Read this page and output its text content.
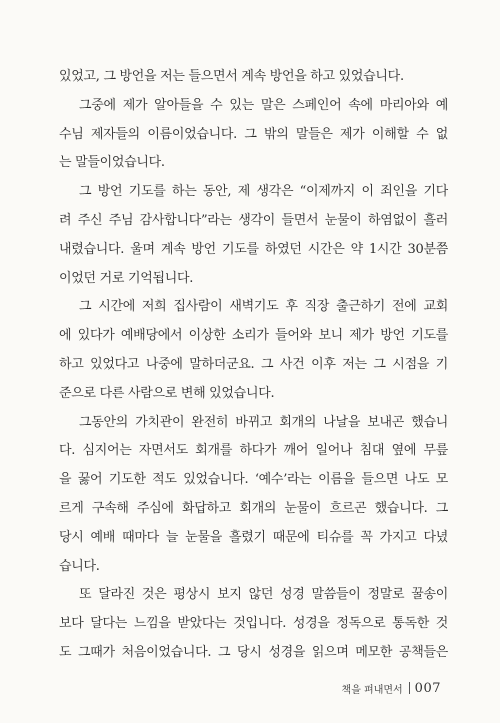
있었고, 그 방언을 저는 들으면서 계속 방언을 하고 있었습니다.
그중에 제가 알아들을 수 있는 말은 스페인어 속에 마리아와 예
수님 제자들의 이름이었습니다. 그 밖의 말들은 제가 이해할 수 없
는 말들이었습니다.
그 방언 기도를 하는 동안, 제 생각은 “이제까지 이 죄인을 기다
려 주신 주님 감사합니다”라는 생각이 들면서 눈물이 하염없이 흘러
내렸습니다. 울며 계속 방언 기도를 하였던 시간은 약 1시간 30분쯤
이었던 거로 기억됩니다.
그 시간에 저희 집사람이 새벽기도 후 직장 출근하기 전에 교회
에 있다가 예배당에서 이상한 소리가 들어와 보니 제가 방언 기도를
하고 있었다고 나중에 말하더군요. 그 사건 이후 저는 그 시점을 기
준으로 다른 사람으로 변해 있었습니다.
그동안의 가치관이 완전히 바뀌고 회개의 나날을 보내곤 했습니
다. 심지어는 자면서도 회개를 하다가 깨어 일어나 침대 옆에 무릎
을 꿇어 기도한 적도 있었습니다. ‘예수’라는 이름을 들으면 나도 모
르게 구속해 주심에 화답하고 회개의 눈물이 흐르곤 했습니다. 그
당시 예배 때마다 늘 눈물을 흘렸기 때문에 티슈를 꼭 가지고 다녔
습니다.
또 달라진 것은 평상시 보지 않던 성경 말씀들이 정말로 꿀송이
보다 달다는 느낌을 받았다는 것입니다. 성경을 정독으로 통독한 것
도 그때가 처음이었습니다. 그 당시 성경을 읽으며 메모한 공책들은
책을 펴내면서 007
